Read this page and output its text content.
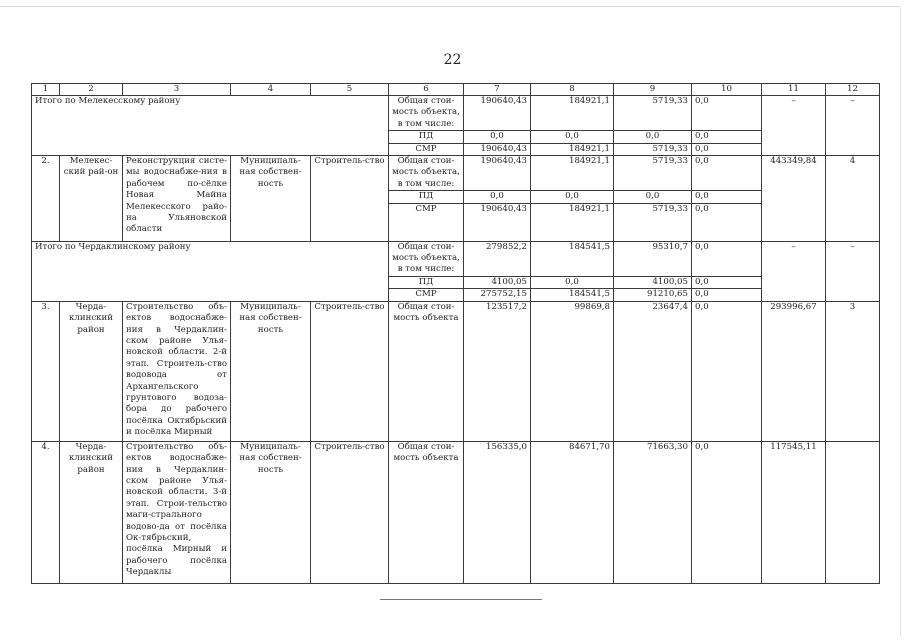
22
1	2	3	4	5	6	7	8	9	10	11	12
Итого по Мелекесскому району					Общая стои-мость объекта, в том числе:	190640,43	184921,1	5719,33	0,0	–	–
					ПД	0,0	0,0	0,0	0,0		
					СМР	190640,43	184921,1	5719,33	0,0		
2.	Мелекес-ский рай-он	Реконструкция систе-мы водоснабже-ния в рабочем по-сёлке Новая Майна Мелекесского райо-на Ульяновской области	Муниципаль-ная собствен-ность	Строитель-ство	Общая стои-мость объекта, в том числе:	190640,43	184921,1	5719,33	0,0	443349,84	4
					ПД	0,0	0,0	0,0	0,0		
					СМР	190640,43	184921,1	5719,33	0,0		
Итого по Чердаклинскому району					Общая стои-мость объекта, в том числе:	279852,2	184541,5	95310,7	0,0	–	–
					ПД	4100,05	0,0	4100,05	0,0		
					СМР	275752,15	184541,5	91210,65	0,0		
3.	Черда-клинский район	Строительство объ-ектов водоснабже-ния в Чердаклин-ском районе Улья-новской области. 2-й этап. Строитель-ство водовода от Архангельского грунтового водоза-бора до рабочего посёлка Октябрьский и посёлка Мирный	Муниципаль-ная собствен-ность	Строитель-ство	Общая стои-мость объекта	123517,2	99869,8	23647,4	0,0	293996,67	3
4.	Черда-клинский район	Строительство объ-ектов водоснабже-ния в Чердаклин-ском районе Улья-новской области. 3-й этап. Строи-тельство маги-стрального водово-да от посёлка Ок-тябрьский, посёлка Мирный и рабочего посёлка Чердаклы	Муниципаль-ная собствен-ность	Строитель-ство	Общая стои-мость объекта	156335,0	84671,70	71663,30	0,0	117545,11	
